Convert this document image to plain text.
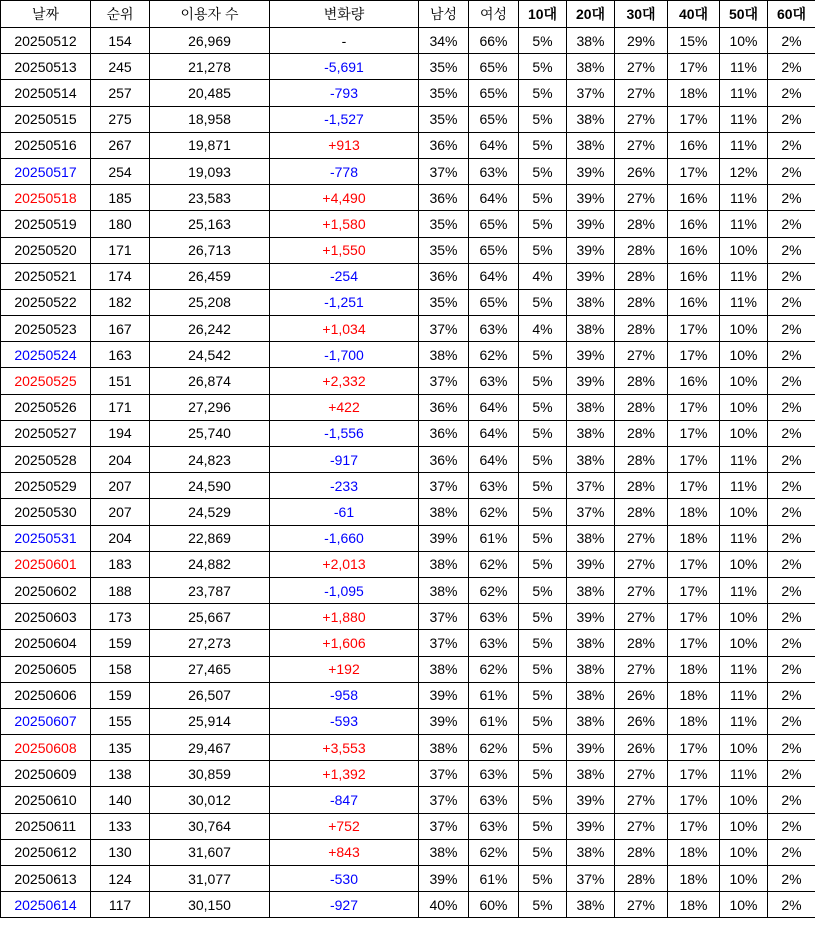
날짜	순위	이용자 수	변화량	남성	여성	10대	20대	30대	40대	50대	60대
20250512	154	26,969	-	34%	66%	5%	38%	29%	15%	10%	2%
20250513	245	21,278	-5,691	35%	65%	5%	38%	27%	17%	11%	2%
20250514	257	20,485	-793	35%	65%	5%	37%	27%	18%	11%	2%
20250515	275	18,958	-1,527	35%	65%	5%	38%	27%	17%	11%	2%
20250516	267	19,871	+913	36%	64%	5%	38%	27%	16%	11%	2%
20250517	254	19,093	-778	37%	63%	5%	39%	26%	17%	12%	2%
20250518	185	23,583	+4,490	36%	64%	5%	39%	27%	16%	11%	2%
20250519	180	25,163	+1,580	35%	65%	5%	39%	28%	16%	11%	2%
20250520	171	26,713	+1,550	35%	65%	5%	39%	28%	16%	10%	2%
20250521	174	26,459	-254	36%	64%	4%	39%	28%	16%	11%	2%
20250522	182	25,208	-1,251	35%	65%	5%	38%	28%	16%	11%	2%
20250523	167	26,242	+1,034	37%	63%	4%	38%	28%	17%	10%	2%
20250524	163	24,542	-1,700	38%	62%	5%	39%	27%	17%	10%	2%
20250525	151	26,874	+2,332	37%	63%	5%	39%	28%	16%	10%	2%
20250526	171	27,296	+422	36%	64%	5%	38%	28%	17%	10%	2%
20250527	194	25,740	-1,556	36%	64%	5%	38%	28%	17%	10%	2%
20250528	204	24,823	-917	36%	64%	5%	38%	28%	17%	11%	2%
20250529	207	24,590	-233	37%	63%	5%	37%	28%	17%	11%	2%
20250530	207	24,529	-61	38%	62%	5%	37%	28%	18%	10%	2%
20250531	204	22,869	-1,660	39%	61%	5%	38%	27%	18%	11%	2%
20250601	183	24,882	+2,013	38%	62%	5%	39%	27%	17%	10%	2%
20250602	188	23,787	-1,095	38%	62%	5%	38%	27%	17%	11%	2%
20250603	173	25,667	+1,880	37%	63%	5%	39%	27%	17%	10%	2%
20250604	159	27,273	+1,606	37%	63%	5%	38%	28%	17%	10%	2%
20250605	158	27,465	+192	38%	62%	5%	38%	27%	18%	11%	2%
20250606	159	26,507	-958	39%	61%	5%	38%	26%	18%	11%	2%
20250607	155	25,914	-593	39%	61%	5%	38%	26%	18%	11%	2%
20250608	135	29,467	+3,553	38%	62%	5%	39%	26%	17%	10%	2%
20250609	138	30,859	+1,392	37%	63%	5%	38%	27%	17%	11%	2%
20250610	140	30,012	-847	37%	63%	5%	39%	27%	17%	10%	2%
20250611	133	30,764	+752	37%	63%	5%	39%	27%	17%	10%	2%
20250612	130	31,607	+843	38%	62%	5%	38%	28%	18%	10%	2%
20250613	124	31,077	-530	39%	61%	5%	37%	28%	18%	10%	2%
20250614	117	30,150	-927	40%	60%	5%	38%	27%	18%	10%	2%
